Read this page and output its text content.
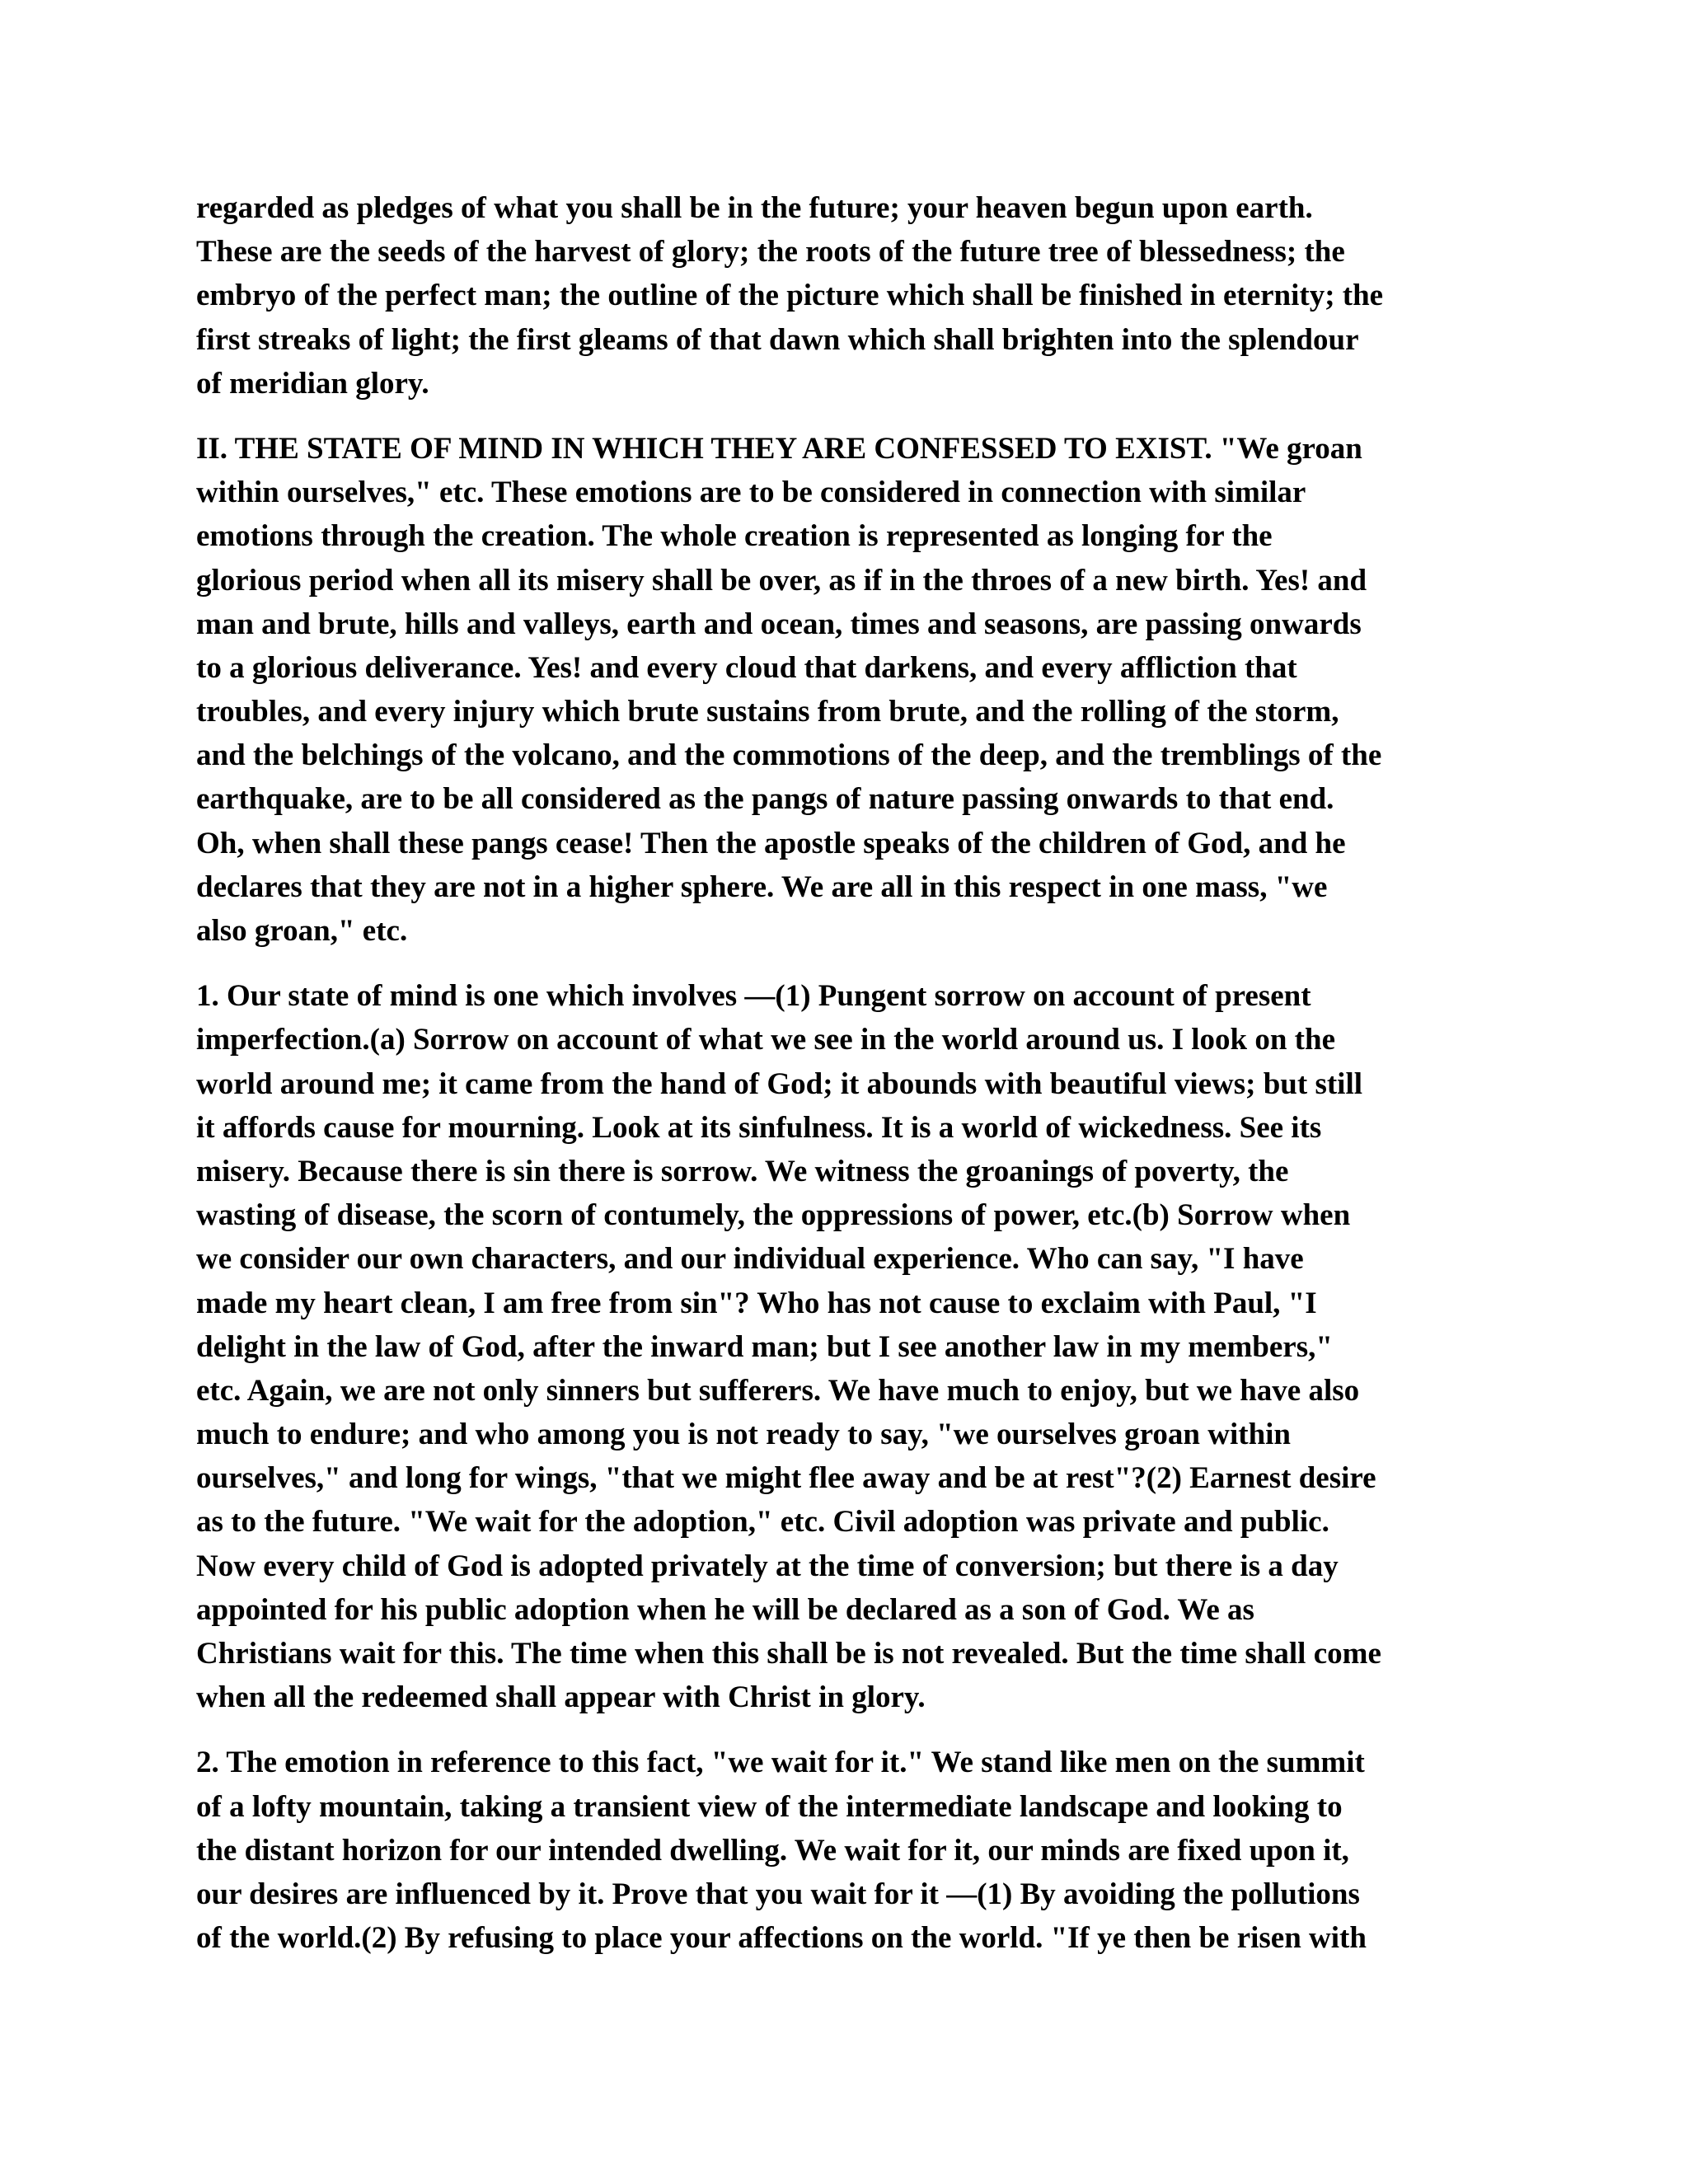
regarded as pledges of what you shall be in the future; your heaven begun upon earth.
These are the seeds of the harvest of glory; the roots of the future tree of blessedness; the
embryo of the perfect man; the outline of the picture which shall be finished in eternity; the
first streaks of light; the first gleams of that dawn which shall brighten into the splendour
of meridian glory.
II. THE STATE OF MIND IN WHICH THEY ARE CONFESSED TO EXIST. "We groan
within ourselves," etc. These emotions are to be considered in connection with similar
emotions through the creation. The whole creation is represented as longing for the
glorious period when all its misery shall be over, as if in the throes of a new birth. Yes! and
man and brute, hills and valleys, earth and ocean, times and seasons, are passing onwards
to a glorious deliverance. Yes! and every cloud that darkens, and every affliction that
troubles, and every injury which brute sustains from brute, and the rolling of the storm,
and the belchings of the volcano, and the commotions of the deep, and the tremblings of the
earthquake, are to be all considered as the pangs of nature passing onwards to that end.
Oh, when shall these pangs cease! Then the apostle speaks of the children of God, and he
declares that they are not in a higher sphere. We are all in this respect in one mass, "we
also groan," etc.
1. Our state of mind is one which involves —(1) Pungent sorrow on account of present
imperfection.(a) Sorrow on account of what we see in the world around us. I look on the
world around me; it came from the hand of God; it abounds with beautiful views; but still
it affords cause for mourning. Look at its sinfulness. It is a world of wickedness. See its
misery. Because there is sin there is sorrow. We witness the groanings of poverty, the
wasting of disease, the scorn of contumely, the oppressions of power, etc.(b) Sorrow when
we consider our own characters, and our individual experience. Who can say, "I have
made my heart clean, I am free from sin"? Who has not cause to exclaim with Paul, "I
delight in the law of God, after the inward man; but I see another law in my members,"
etc. Again, we are not only sinners but sufferers. We have much to enjoy, but we have also
much to endure; and who among you is not ready to say, "we ourselves groan within
ourselves," and long for wings, "that we might flee away and be at rest"?(2) Earnest desire
as to the future. "We wait for the adoption," etc. Civil adoption was private and public.
Now every child of God is adopted privately at the time of conversion; but there is a day
appointed for his public adoption when he will be declared as a son of God. We as
Christians wait for this. The time when this shall be is not revealed. But the time shall come
when all the redeemed shall appear with Christ in glory.
2. The emotion in reference to this fact, "we wait for it." We stand like men on the summit
of a lofty mountain, taking a transient view of the intermediate landscape and looking to
the distant horizon for our intended dwelling. We wait for it, our minds are fixed upon it,
our desires are influenced by it. Prove that you wait for it —(1) By avoiding the pollutions
of the world.(2) By refusing to place your affections on the world. "If ye then be risen with
